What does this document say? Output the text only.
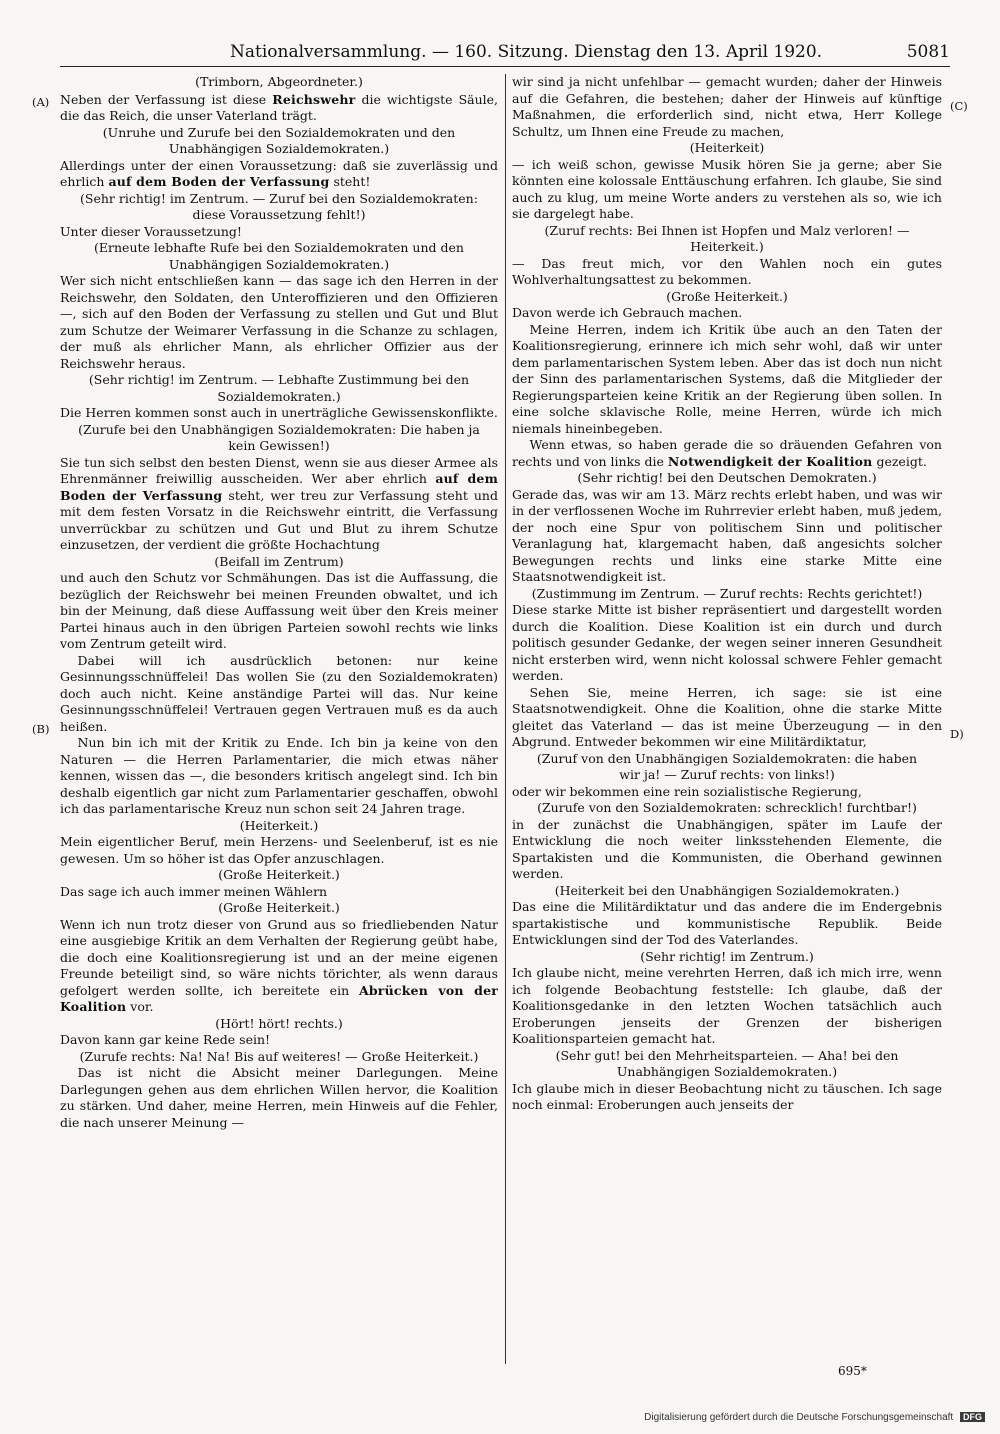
Nationalversammlung. — 160. Sitzung. Dienstag den 13. April 1920.	5081
(A)
(B)
(C)
D)

(Trimborn, Abgeordneter.)

Neben der Verfassung ist diese Reichswehr die wichtigste Säule, die das Reich, die unser Vaterland trägt.

(Unruhe und Zurufe bei den Sozialdemokraten und den Unabhängigen Sozialdemokraten.)

Allerdings unter der einen Voraussetzung: daß sie zuverlässig und ehrlich auf dem Boden der Verfassung steht!

(Sehr richtig! im Zentrum. — Zuruf bei den Sozialdemokraten: diese Voraussetzung fehlt!)

Unter dieser Voraussetzung!

(Erneute lebhafte Rufe bei den Sozialdemokraten und den Unabhängigen Sozialdemokraten.)

Wer sich nicht entschließen kann — das sage ich den Herren in der Reichswehr, den Soldaten, den Unteroffizieren und den Offizieren —, sich auf den Boden der Verfassung zu stellen und Gut und Blut zum Schutze der Weimarer Verfassung in die Schanze zu schlagen, der muß als ehrlicher Mann, als ehrlicher Offizier aus der Reichswehr heraus.

(Sehr richtig! im Zentrum. — Lebhafte Zustimmung bei den Sozialdemokraten.)

Die Herren kommen sonst auch in unerträgliche Gewissenskonflikte.

(Zurufe bei den Unabhängigen Sozialdemokraten: Die haben ja kein Gewissen!)

Sie tun sich selbst den besten Dienst, wenn sie aus dieser Armee als Ehrenmänner freiwillig ausscheiden. Wer aber ehrlich auf dem Boden der Verfassung steht, wer treu zur Verfassung steht und mit dem festen Vorsatz in die Reichswehr eintritt, die Verfassung unverrückbar zu schützen und Gut und Blut zu ihrem Schutze einzusetzen, der verdient die größte Hochachtung

(Beifall im Zentrum)

und auch den Schutz vor Schmähungen. Das ist die Auffassung, die bezüglich der Reichswehr bei meinen Freunden obwaltet, und ich bin der Meinung, daß diese Auffassung weit über den Kreis meiner Partei hinaus auch in den übrigen Parteien sowohl rechts wie links vom Zentrum geteilt wird.

Dabei will ich ausdrücklich betonen: nur keine Gesinnungsschnüffelei! Das wollen Sie (zu den Sozialdemokraten) doch auch nicht. Keine anständige Partei will das. Nur keine Gesinnungsschnüffelei! Vertrauen gegen Vertrauen muß es da auch heißen.

Nun bin ich mit der Kritik zu Ende. Ich bin ja keine von den Naturen — die Herren Parlamentarier, die mich etwas näher kennen, wissen das —, die besonders kritisch angelegt sind. Ich bin deshalb eigentlich gar nicht zum Parlamentarier geschaffen, obwohl ich das parlamentarische Kreuz nun schon seit 24 Jahren trage.

(Heiterkeit.)

Mein eigentlicher Beruf, mein Herzens- und Seelenberuf, ist es nie gewesen. Um so höher ist das Opfer anzuschlagen.

(Große Heiterkeit.)

Das sage ich auch immer meinen Wählern

(Große Heiterkeit.)

Wenn ich nun trotz dieser von Grund aus so friedliebenden Natur eine ausgiebige Kritik an dem Verhalten der Regierung geübt habe, die doch eine Koalitionsregierung ist und an der meine eigenen Freunde beteiligt sind, so wäre nichts törichter, als wenn daraus gefolgert werden sollte, ich bereitete ein Abrücken von der Koalition vor.

(Hört! hört! rechts.)

Davon kann gar keine Rede sein!

(Zurufe rechts: Na! Na! Bis auf weiteres! — Große Heiterkeit.)

Das ist nicht die Absicht meiner Darlegungen. Meine Darlegungen gehen aus dem ehrlichen Willen hervor, die Koalition zu stärken. Und daher, meine Herren, mein Hinweis auf die Fehler, die nach unserer Meinung —

wir sind ja nicht unfehlbar — gemacht wurden; daher der Hinweis auf die Gefahren, die bestehen; daher der Hinweis auf künftige Maßnahmen, die erforderlich sind, nicht etwa, Herr Kollege Schultz, um Ihnen eine Freude zu machen,

(Heiterkeit)

— ich weiß schon, gewisse Musik hören Sie ja gerne; aber Sie könnten eine kolossale Enttäuschung erfahren. Ich glaube, Sie sind auch zu klug, um meine Worte anders zu verstehen als so, wie ich sie dargelegt habe.

(Zuruf rechts: Bei Ihnen ist Hopfen und Malz verloren! — Heiterkeit.)

— Das freut mich, vor den Wahlen noch ein gutes Wohlverhaltungsattest zu bekommen.

(Große Heiterkeit.)

Davon werde ich Gebrauch machen.

Meine Herren, indem ich Kritik übe auch an den Taten der Koalitionsregierung, erinnere ich mich sehr wohl, daß wir unter dem parlamentarischen System leben. Aber das ist doch nun nicht der Sinn des parlamentarischen Systems, daß die Mitglieder der Regierungsparteien keine Kritik an der Regierung üben sollen. In eine solche sklavische Rolle, meine Herren, würde ich mich niemals hineinbegeben.

Wenn etwas, so haben gerade die so dräuenden Gefahren von rechts und von links die Notwendigkeit der Koalition gezeigt.

(Sehr richtig! bei den Deutschen Demokraten.)

Gerade das, was wir am 13. März rechts erlebt haben, und was wir in der verflossenen Woche im Ruhrrevier erlebt haben, muß jedem, der noch eine Spur von politischem Sinn und politischer Veranlagung hat, klargemacht haben, daß angesichts solcher Bewegungen rechts und links eine starke Mitte eine Staatsnotwendigkeit ist.

(Zustimmung im Zentrum. — Zuruf rechts: Rechts gerichtet!)

Diese starke Mitte ist bisher repräsentiert und dargestellt worden durch die Koalition. Diese Koalition ist ein durch und durch politisch gesunder Gedanke, der wegen seiner inneren Gesundheit nicht ersterben wird, wenn nicht kolossal schwere Fehler gemacht werden.

Sehen Sie, meine Herren, ich sage: sie ist eine Staatsnotwendigkeit. Ohne die Koalition, ohne die starke Mitte gleitet das Vaterland — das ist meine Überzeugung — in den Abgrund. Entweder bekommen wir eine Militärdiktatur,

(Zuruf von den Unabhängigen Sozialdemokraten: die haben wir ja! — Zuruf rechts: von links!)

oder wir bekommen eine rein sozialistische Regierung,

(Zurufe von den Sozialdemokraten: schrecklich! furchtbar!)

in der zunächst die Unabhängigen, später im Laufe der Entwicklung die noch weiter linksstehenden Elemente, die Spartakisten und die Kommunisten, die Oberhand gewinnen werden.

(Heiterkeit bei den Unabhängigen Sozialdemokraten.)

Das eine die Militärdiktatur und das andere die im Endergebnis spartakistische und kommunistische Republik. Beide Entwicklungen sind der Tod des Vaterlandes.

(Sehr richtig! im Zentrum.)

Ich glaube nicht, meine verehrten Herren, daß ich mich irre, wenn ich folgende Beobachtung feststelle: Ich glaube, daß der Koalitionsgedanke in den letzten Wochen tatsächlich auch Eroberungen jenseits der Grenzen der bisherigen Koalitionsparteien gemacht hat.

(Sehr gut! bei den Mehrheitsparteien. — Aha! bei den Unabhängigen Sozialdemokraten.)

Ich glaube mich in dieser Beobachtung nicht zu täuschen. Ich sage noch einmal: Eroberungen auch jenseits der

695*
Digitalisierung gefördert durch die Deutsche Forschungsgemeinschaft DFG
